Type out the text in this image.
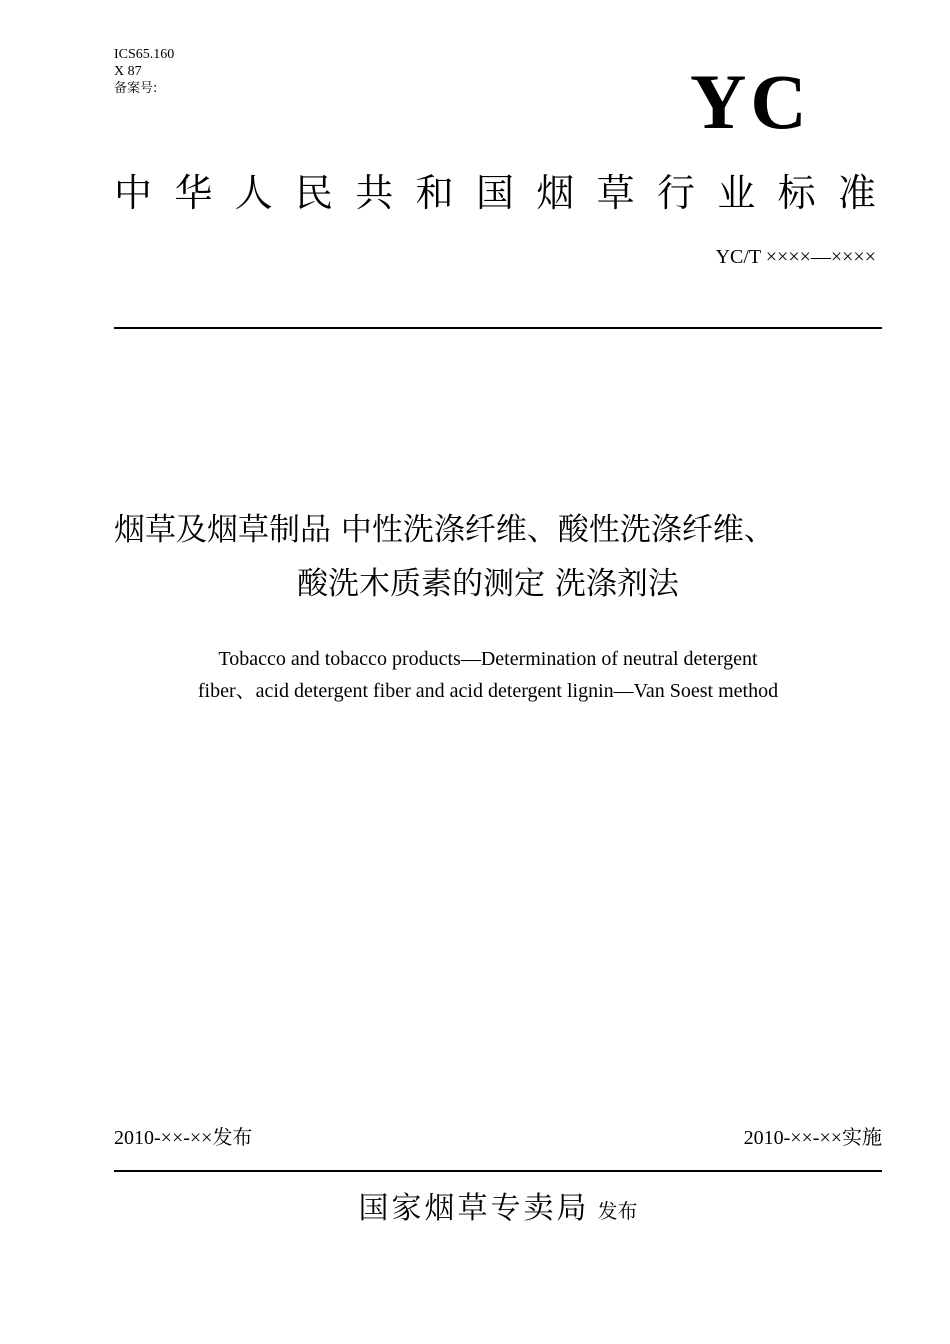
ICS65.160
X 87
备案号:	YC
中华人民共和国烟草行业标准
YC/T ××××—××××
烟草及烟草制品 中性洗涤纤维、酸性洗涤纤维、
酸洗木质素的测定 洗涤剂法
Tobacco and tobacco products—Determination of neutral detergent
fiber、acid detergent fiber and acid detergent lignin—Van Soest method
2010-××-××发布	2010-××-××实施
国家烟草专卖局 发布
